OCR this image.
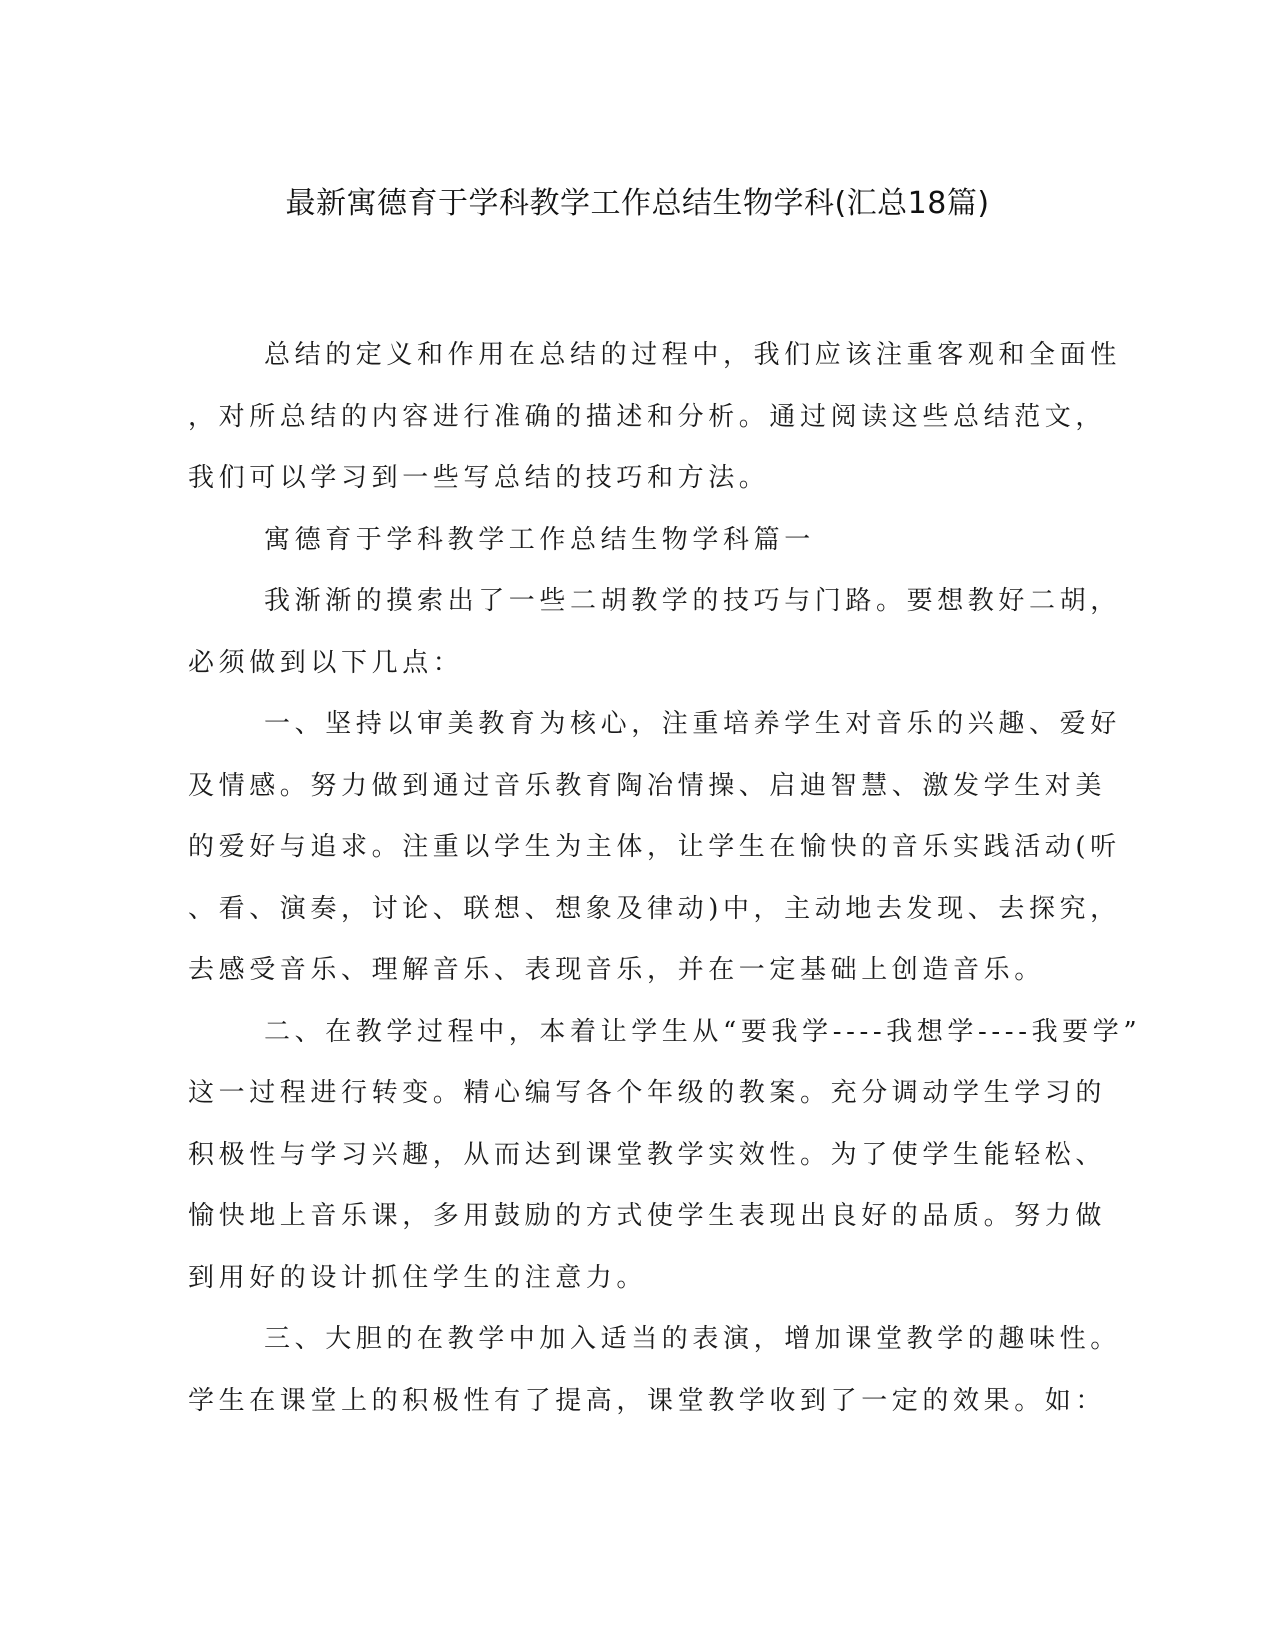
最新寓德育于学科教学工作总结生物学科(汇总18篇)
总结的定义和作用在总结的过程中，我们应该注重客观和全面性
，对所总结的内容进行准确的描述和分析。通过阅读这些总结范文，
我们可以学习到一些写总结的技巧和方法。
寓德育于学科教学工作总结生物学科篇一
我渐渐的摸索出了一些二胡教学的技巧与门路。要想教好二胡，
必须做到以下几点：
一、坚持以审美教育为核心，注重培养学生对音乐的兴趣、爱好
及情感。努力做到通过音乐教育陶冶情操、启迪智慧、激发学生对美
的爱好与追求。注重以学生为主体，让学生在愉快的音乐实践活动(听
、看、演奏，讨论、联想、想象及律动)中，主动地去发现、去探究，
去感受音乐、理解音乐、表现音乐，并在一定基础上创造音乐。
二、在教学过程中，本着让学生从“要我学----我想学----我要学”
这一过程进行转变。精心编写各个年级的教案。充分调动学生学习的
积极性与学习兴趣，从而达到课堂教学实效性。为了使学生能轻松、
愉快地上音乐课，多用鼓励的方式使学生表现出良好的品质。努力做
到用好的设计抓住学生的注意力。
三、大胆的在教学中加入适当的表演，增加课堂教学的趣味性。
学生在课堂上的积极性有了提高，课堂教学收到了一定的效果。如：
